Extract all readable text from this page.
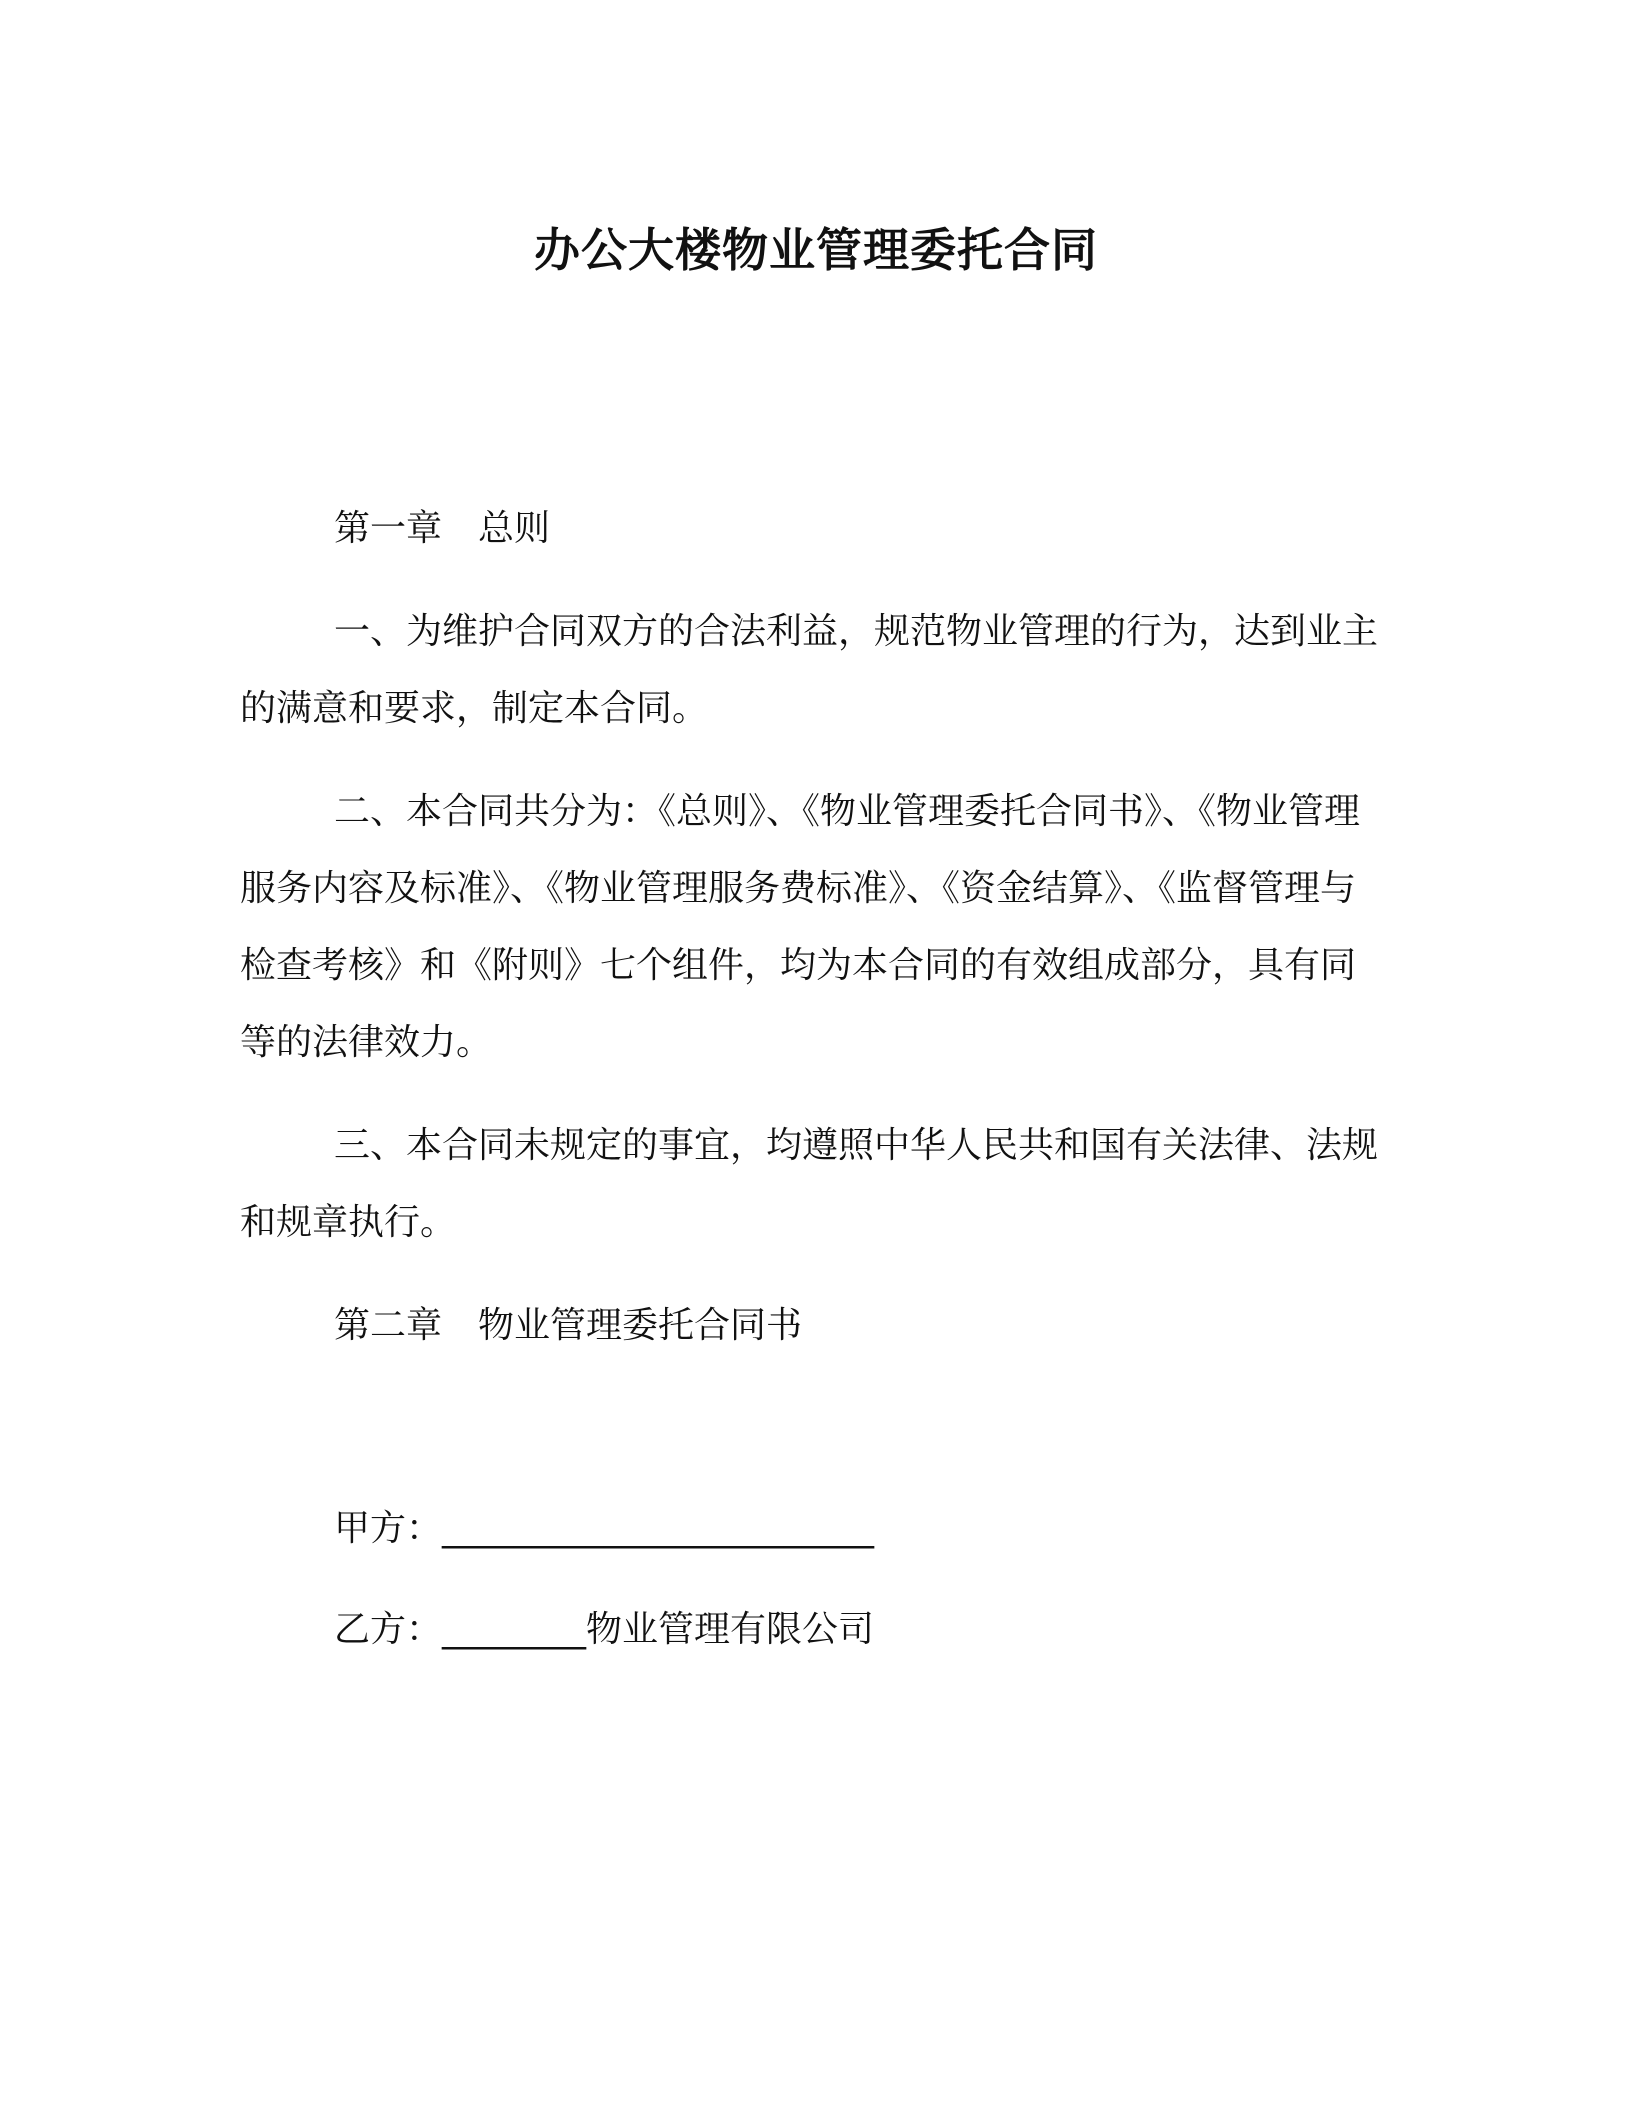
办公大楼物业管理委托合同
第一章　总则
一、为维护合同双方的合法利益，规范物业管理的行为，达到业主的满意和要求，制定本合同。
二、本合同共分为：《总则》、《物业管理委托合同书》、《物业管理服务内容及标准》、《物业管理服务费标准》、《资金结算》、《监督管理与检查考核》和《附则》七个组件，均为本合同的有效组成部分，具有同等的法律效力。
三、本合同未规定的事宜，均遵照中华人民共和国有关法律、法规和规章执行。
第二章　物业管理委托合同书
甲方：________________________
乙方：________物业管理有限公司
